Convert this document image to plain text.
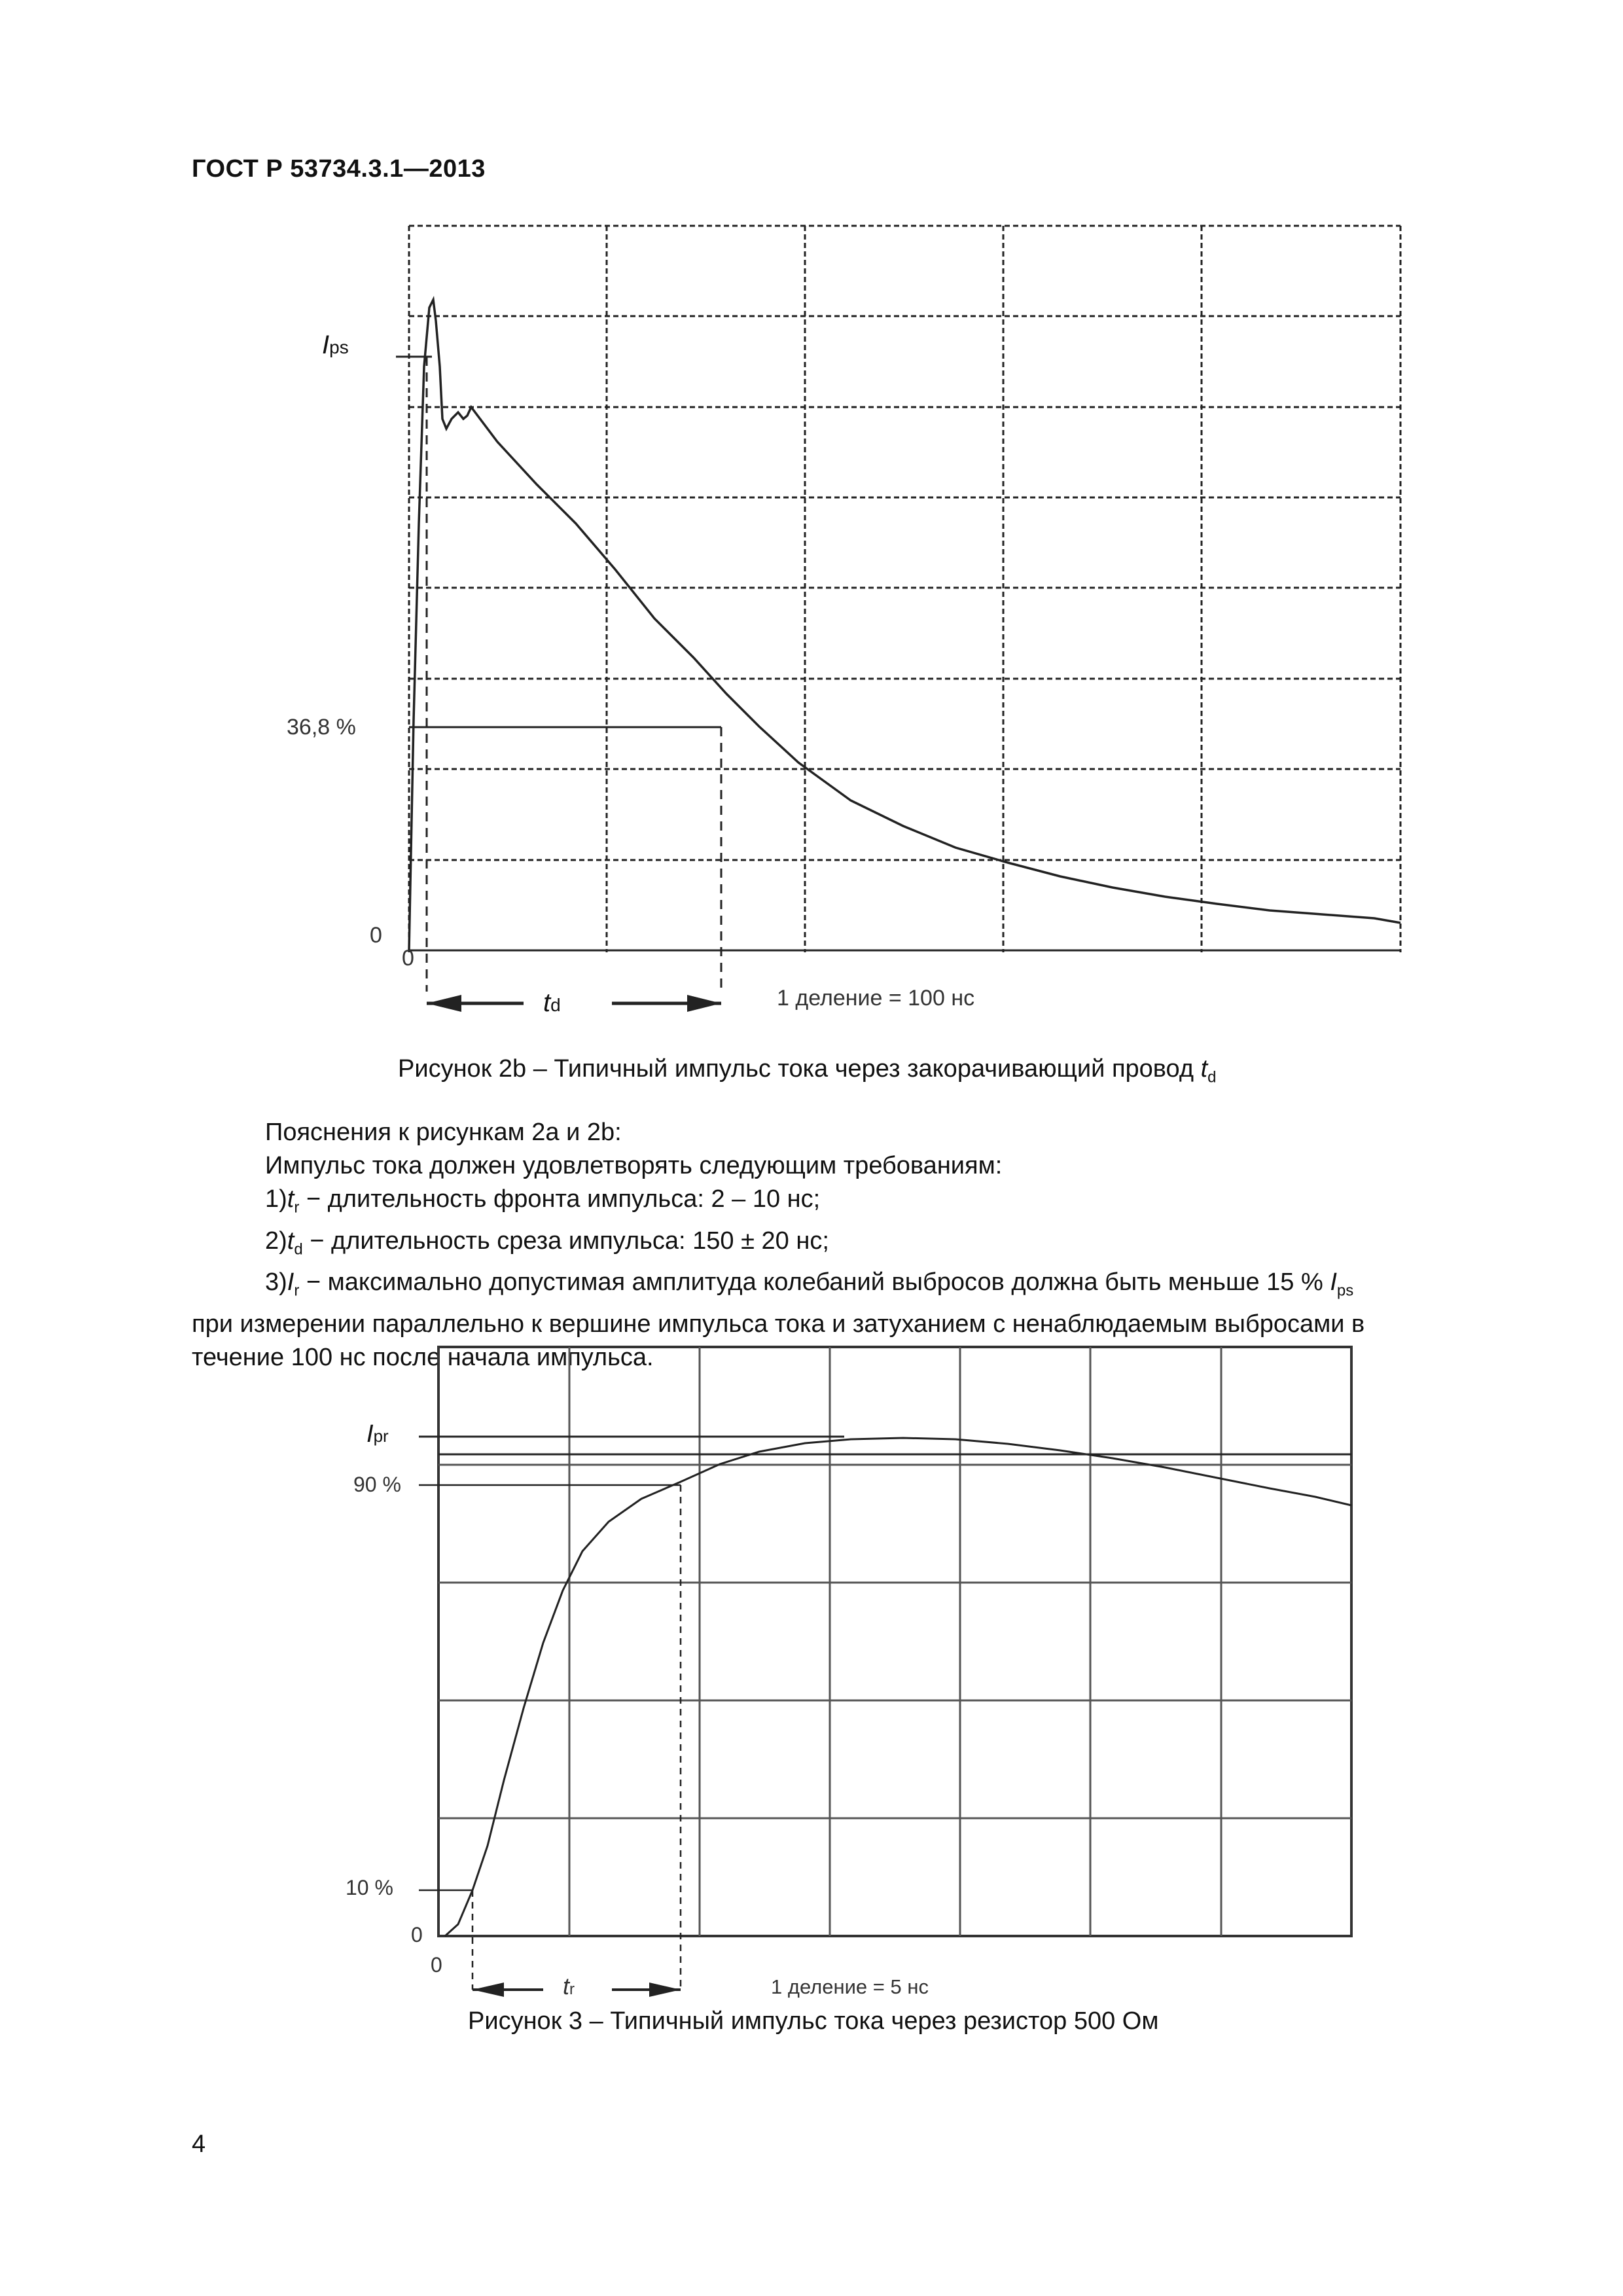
ГОСТ Р 53734.3.1—2013
Ips
36,8 %
0
0
td	1 деление = 100 нс
Рисунок 2b – Типичный импульс тока через закорачивающий провод $t_d$
Пояснения к рисункам 2a и 2b:
Импульс тока должен удовлетворять следующим требованиям:
$1)t_r$ − длительность фронта импульса: 2 – 10 нс;
$2)t_d$ − длительность среза импульса: 150 ± 20 нс;
$3)I_r$ − максимально допустимая амплитуда колебаний выбросов должна быть меньше 15 % $I_{ps}$
при измерении параллельно к вершине импульса тока и затуханием с ненаблюдаемым выбросами в
течение 100 нс после начала импульса.
Ipr
90 %
10 %
0
0
tr	1 деление = 5 нс
Рисунок 3 – Типичный импульс тока через резистор 500 Ом
4
